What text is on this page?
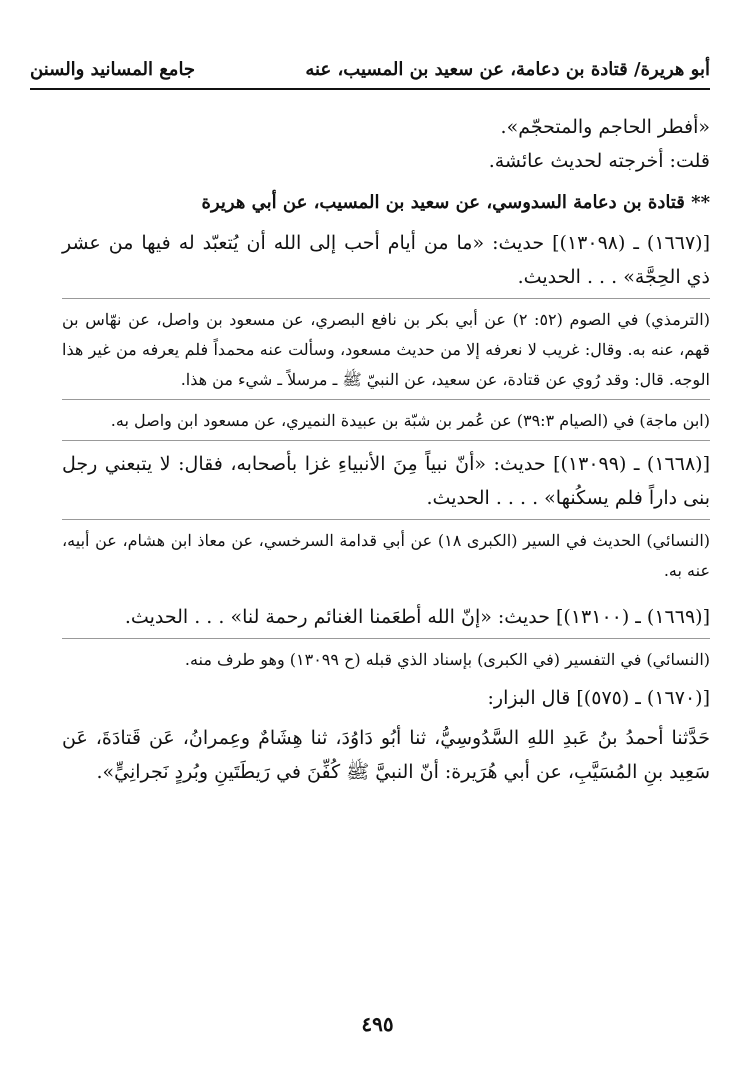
أبو هريرة/ قتادة بن دعامة، عن سعيد بن المسيب، عنه
جامع المسانيد والسنن

«أفطر الحاجم والمتحجّم».

قلت: أخرجته لحديث عائشة.

** قتادة بن دعامة السدوسي، عن سعيد بن المسيب، عن أبي هريرة

[(١٦٦٧) ـ (١٣٠٩٨)] حديث: «ما من أيام أحب إلى الله أن يُتعبّد له فيها من عشر ذي الحِجَّة» . . . الحديث.

(الترمذي) في الصوم (٥٢: ٢) عن أبي بكر بن نافع البصري، عن مسعود بن واصل، عن نهّاس بن قهم، عنه به. وقال: غريب لا نعرفه إلا من حديث مسعود، وسألت عنه محمداً فلم يعرفه من غير هذا الوجه. قال: وقد رُوي عن قتادة، عن سعيد، عن النبيّ ﷺ ـ مرسلاً ـ شيء من هذا.

(ابن ماجة) في (الصيام ٣٩:٣) عن عُمر بن شبّة بن عبيدة النميري، عن مسعود ابن واصل به.

[(١٦٦٨) ـ (١٣٠٩٩)] حديث: «أنّ نبياً مِنَ الأنبياءِ غزا بأصحابه، فقال: لا يتبعني رجل بنى داراً فلم يسكُنها» . . . . الحديث.

(النسائي) الحديث في السير (الكبرى ١٨) عن أبي قدامة السرخسي، عن معاذ ابن هشام، عن أبيه، عنه به.

[(١٦٦٩) ـ (١٣١٠٠)] حديث: «إنّ الله أطعَمنا الغنائم رحمة لنا» . . . الحديث.

(النسائي) في التفسير (في الكبرى) بإسناد الذي قبله (ح ١٣٠٩٩) وهو طرف منه.

[(١٦٧٠) ـ (٥٧٥)] قال البزار:

حَدَّثنا أحمدُ بنُ عَبدِ اللهِ السَّدُوسِيُّ، ثنا أبُو دَاوُدَ، ثنا هِشَامٌ وعِمرانُ، عَن قَتادَةَ، عَن سَعِيد بنِ المُسَيَّبِ، عن أبي هُرَيرة: أنّ النبيَّ ﷺ كُفِّنَ في رَيطَتَينِ وبُردٍ نَجرانِيٍّ».

٤٩٥
